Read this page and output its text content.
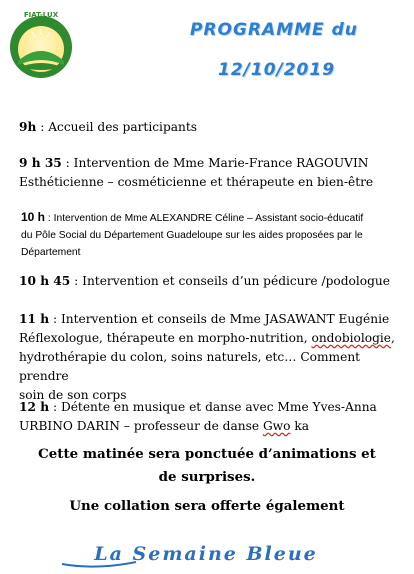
FIAT-LUX
PROGRAMME du
12/10/2019
9h : Accueil des participants
9 h 35 : Intervention de Mme Marie-France RAGOUVIN
Esthéticienne – cosméticienne et thérapeute en bien-être
10 h : Intervention de Mme ALEXANDRE Céline – Assistant socio-éducatif
du Pôle Social du Département Guadeloupe sur les aides proposées par le
Département
10 h 45 : Intervention et conseils d’un pédicure /podologue
11 h : Intervention et conseils de Mme JASAWANT Eugénie
Réflexologue, thérapeute en morpho-nutrition, ondobiologie,
hydrothérapie du colon, soins naturels, etc… Comment prendre
soin de son corps
12 h : Détente en musique et danse avec Mme Yves-Anna
URBINO DARIN – professeur de danse Gwo ka
Cette matinée sera ponctuée d’animations et
de surprises.
Une collation sera offerte également
La Semaine Bleue
